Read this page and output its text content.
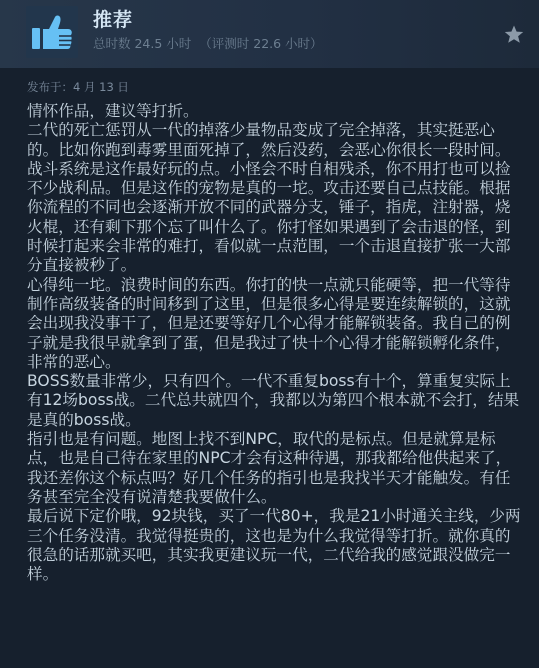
推荐
总时数 24.5 小时 （评测时 22.6 小时）
发布于：4 月 13 日

情怀作品，建议等打折。

二代的死亡惩罚从一代的掉落少量物品变成了完全掉落，其实挺恶心的。比如你跑到毒雾里面死掉了，然后没药，会恶心你很长一段时间。

战斗系统是这作最好玩的点。小怪会不时自相残杀，你不用打也可以捡不少战利品。但是这作的宠物是真的一坨。攻击还要自己点技能。根据你流程的不同也会逐渐开放不同的武器分支，锤子，指虎，注射器，烧火棍，还有剩下那个忘了叫什么了。你打怪如果遇到了会击退的怪，到时候打起来会非常的难打，看似就一点范围，一个击退直接扩张一大部分直接被秒了。

心得纯一坨。浪费时间的东西。你打的快一点就只能硬等，把一代等待制作高级装备的时间移到了这里，但是很多心得是要连续解锁的，这就会出现我没事干了，但是还要等好几个心得才能解锁装备。我自己的例子就是我很早就拿到了蛋，但是我过了快十个心得才能解锁孵化条件，非常的恶心。

BOSS数量非常少，只有四个。一代不重复boss有十个，算重复实际上有12场boss战。二代总共就四个，我都以为第四个根本就不会打，结果是真的boss战。

指引也是有问题。地图上找不到NPC，取代的是标点。但是就算是标点，也是自己待在家里的NPC才会有这种待遇，那我都给他供起来了，我还差你这个标点吗？好几个任务的指引也是我找半天才能触发。有任务甚至完全没有说清楚我要做什么。

最后说下定价哦，92块钱，买了一代80+，我是21小时通关主线，少两三个任务没清。我觉得挺贵的，这也是为什么我觉得等打折。就你真的很急的话那就买吧，其实我更建议玩一代，二代给我的感觉跟没做完一样。
